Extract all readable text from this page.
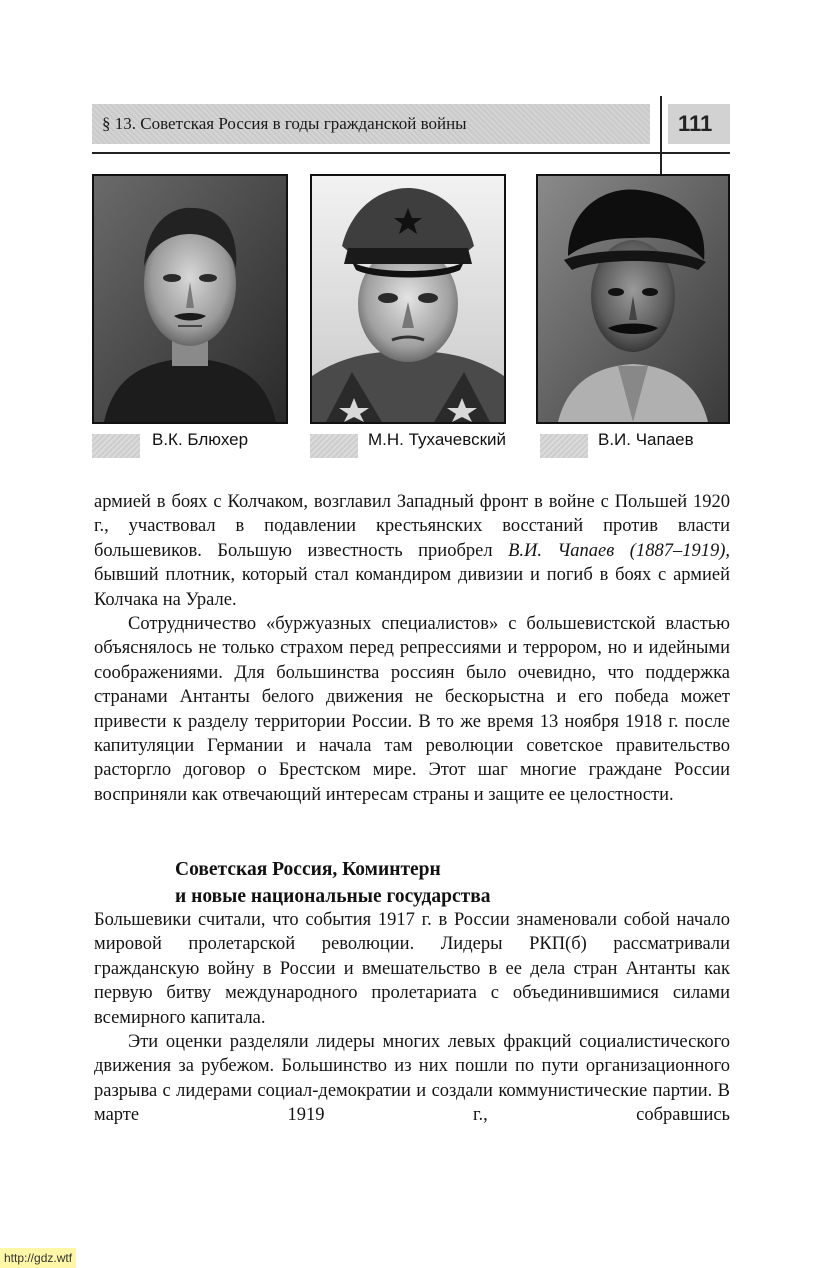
§ 13. Советская Россия в годы гражданской войны	111
В.К. Блюхер	М.Н. Тухачевский	В.И. Чапаев

армией в боях с Колчаком, возглавил Западный фронт в войне с Польшей 1920 г., участвовал в подавлении крестьянских восстаний против власти большевиков. Большую известность приобрел В.И. Чапаев (1887–1919), бывший плотник, который стал командиром дивизии и погиб в боях с армией Колчака на Урале.

Сотрудничество «буржуазных специалистов» с большевистской властью объяснялось не только страхом перед репрессиями и террором, но и идейными соображениями. Для большинства россиян было очевидно, что поддержка странами Антанты белого движения не бескорыстна и его победа может привести к разделу территории России. В то же время 13 ноября 1918 г. после капитуляции Германии и начала там революции советское правительство расторгло договор о Брестском мире. Этот шаг многие граждане России восприняли как отвечающий интересам страны и защите ее целостности.

Советская Россия, Коминтерн
и новые национальные государства

Большевики считали, что события 1917 г. в России знаменовали собой начало мировой пролетарской революции. Лидеры РКП(б) рассматривали гражданскую войну в России и вмешательство в ее дела стран Антанты как первую битву международного пролетариата с объединившимися силами всемирного капитала.

Эти оценки разделяли лидеры многих левых фракций социалистического движения за рубежом. Большинство из них пошли по пути организационного разрыва с лидерами социал-демократии и создали коммунистические партии. В марте 1919 г., собравшись

http://gdz.wtf
